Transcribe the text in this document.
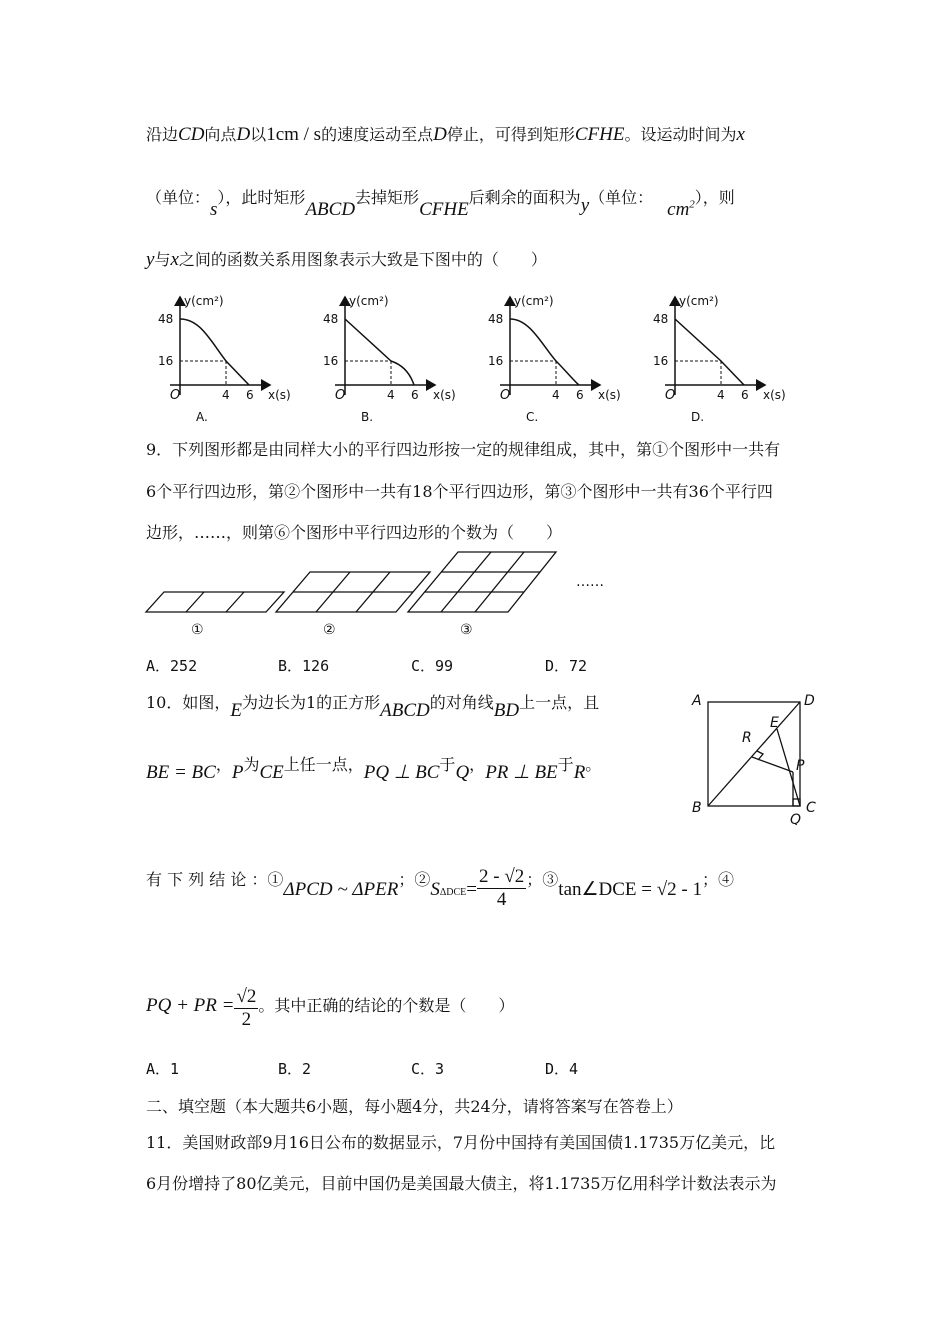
沿边CD向点D以1cm / s的速度运动至点D停止，可得到矩形CFHE。设运动时间为x
（单位：s），此时矩形ABCD去掉矩形CFHE后剩余的面积为y（单位：$cm^2$），则
y与x之间的函数关系用图象表示大致是下图中的（　　）
y(cm²)
48
16
O	4 6 x(s)
A.
y(cm²)
48
16
O	4 6 x(s)
B.
y(cm²)
48
16
O	4 6 x(s)
C.
y(cm²)
48
16
O	4 6 x(s)
D.
9．下列图形都是由同样大小的平行四边形按一定的规律组成，其中，第①个图形中一共有
6个平行四边形，第②个图形中一共有18个平行四边形，第③个图形中一共有36个平行四
边形，……，则第⑥个图形中平行四边形的个数为（　　）
①	②	③
……
A．252	B．126	C．99	D．72
10．如图，E为边长为1的正方形ABCD的对角线BD上一点，且
BE = BC，P为CE上任一点，PQ ⊥ BC于Q，PR ⊥ BE于R。
A	D
B	C
E
R
P
Q
有 下 列 结 论 ：①ΔPCD ~ ΔPER；②SΔDCE= $\frac{2 - √2}{4}$ ；③tan∠DCE = √2 - 1；④
PQ + PR = $\frac{√2}{2}$ 。其中正确的结论的个数是（　　）
A．1	B．2	C．3	D．4
二、填空题（本大题共6小题，每小题4分，共24分，请将答案写在答卷上）
11．美国财政部9月16日公布的数据显示，7月份中国持有美国国债1.1735万亿美元，比
6月份增持了80亿美元，目前中国仍是美国最大债主，将1.1735万亿用科学计数法表示为
